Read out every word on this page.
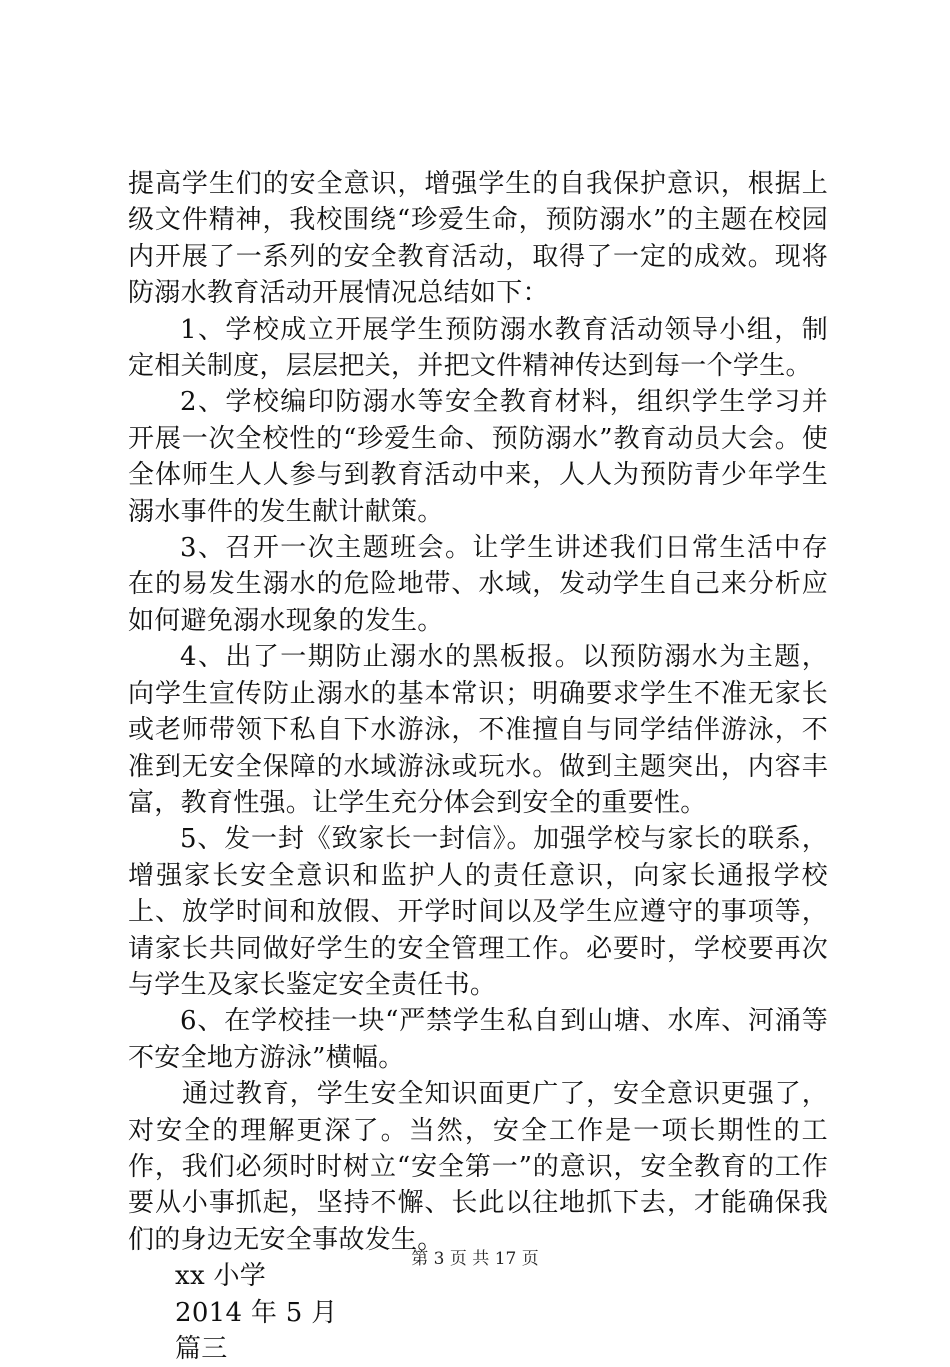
提高学生们的安全意识，增强学生的自我保护意识，根据上级文件精神，我校围绕“珍爱生命，预防溺水”的主题在校园内开展了一系列的安全教育活动，取得了一定的成效。现将防溺水教育活动开展情况总结如下：

1、学校成立开展学生预防溺水教育活动领导小组，制定相关制度，层层把关，并把文件精神传达到每一个学生。

2、学校编印防溺水等安全教育材料，组织学生学习并开展一次全校性的“珍爱生命、预防溺水”教育动员大会。使全体师生人人参与到教育活动中来，人人为预防青少年学生溺水事件的发生献计献策。

3、召开一次主题班会。让学生讲述我们日常生活中存在的易发生溺水的危险地带、水域，发动学生自己来分析应如何避免溺水现象的发生。

4、出了一期防止溺水的黑板报。以预防溺水为主题，向学生宣传防止溺水的基本常识；明确要求学生不准无家长或老师带领下私自下水游泳，不准擅自与同学结伴游泳，不准到无安全保障的水域游泳或玩水。做到主题突出，内容丰富，教育性强。让学生充分体会到安全的重要性。

5、发一封《致家长一封信》。加强学校与家长的联系，增强家长安全意识和监护人的责任意识，向家长通报学校上、放学时间和放假、开学时间以及学生应遵守的事项等，请家长共同做好学生的安全管理工作。必要时，学校要再次与学生及家长鉴定安全责任书。

6、在学校挂一块“严禁学生私自到山塘、水库、河涌等不安全地方游泳”横幅。

通过教育，学生安全知识面更广了，安全意识更强了，对安全的理解更深了。当然，安全工作是一项长期性的工作，我们必须时时树立“安全第一”的意识，安全教育的工作要从小事抓起，坚持不懈、长此以往地抓下去，才能确保我们的身边无安全事故发生。

xx 小学

2014 年 5 月

篇三

第 3 页 共 17 页
